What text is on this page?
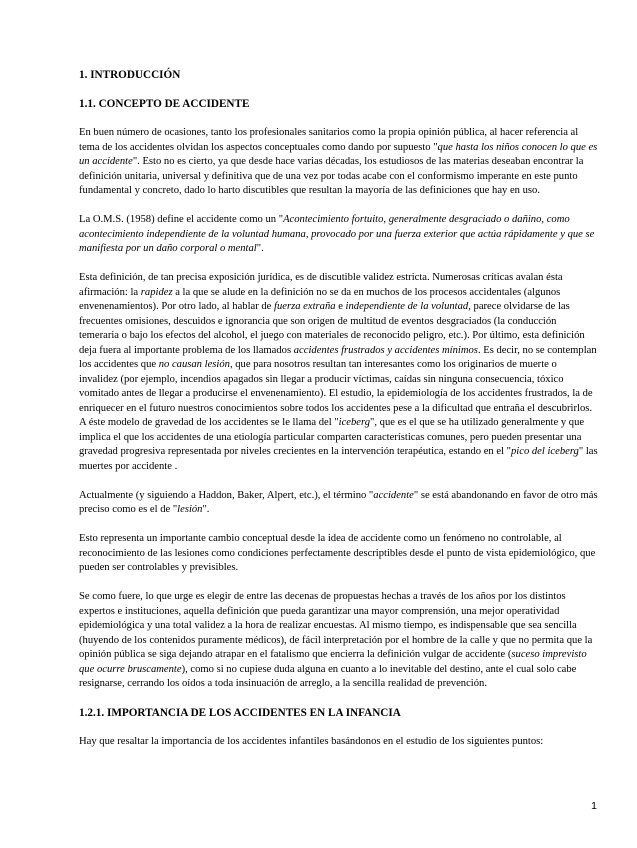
1. INTRODUCCIÓN
1.1. CONCEPTO DE ACCIDENTE

En buen número de ocasiones, tanto los profesionales sanitarios como la propia opinión pública, al hacer referencia al tema de los accidentes olvidan los aspectos conceptuales como dando por supuesto "que hasta los niños conocen lo que es un accidente". Esto no es cierto, ya que desde hace varias décadas, los estudiosos de las materias deseaban encontrar la definición unitaria, universal y definitiva que de una vez por todas acabe con el conformismo imperante en este punto fundamental y concreto, dado lo harto discutibles que resultan la mayoría de las definiciones que hay en uso.

La O.M.S. (1958) define el accidente como un "Acontecimiento fortuito, generalmente desgraciado o dañino, como acontecimiento independiente de la voluntad humana, provocado por una fuerza exterior que actúa rápidamente y que se manifiesta por un daño corporal o mental".

Esta definición, de tan precisa exposición jurídica, es de discutible validez estricta. Numerosas críticas avalan ésta afirmación: la rapidez a la que se alude en la definición no se da en muchos de los procesos accidentales (algunos envenenamientos). Por otro lado, al hablar de fuerza extraña e independiente de la voluntad, parece olvidarse de las frecuentes omisiones, descuidos e ignorancia que son origen de multitud de eventos desgraciados (la conducción temeraria o bajo los efectos del alcohol, el juego con materiales de reconocido peligro, etc.). Por último, esta definición deja fuera al importante problema de los llamados accidentes frustrados y accidentes mínimos. Es decir, no se contemplan los accidentes que no causan lesión, que para nosotros resultan tan interesantes como los originarios de muerte o invalidez (por ejemplo, incendios apagados sin llegar a producir víctimas, caídas sin ninguna consecuencia, tóxico vomitado antes de llegar a producirse el envenenamiento). El estudio, la epidemiología de los accidentes frustrados, la de enriquecer en el futuro nuestros conocimientos sobre todos los accidentes pese a la dificultad que entraña el descubrirlos. A éste modelo de gravedad de los accidentes se le llama del "iceberg", que es el que se ha utilizado generalmente y que implica el que los accidentes de una etiología particular comparten características comunes, pero pueden presentar una gravedad progresiva representada por niveles crecientes en la intervención terapéutica, estando en el "pico del iceberg" las muertes por accidente .

Actualmente (y siguiendo a Haddon, Baker, Alpert, etc.), el término "accidente" se está abandonando en favor de otro más preciso como es el de "lesión".

Esto representa un importante cambio conceptual desde la idea de accidente como un fenómeno no controlable, al reconocimiento de las lesiones como condiciones perfectamente descriptibles desde el punto de vista epidemiológico, que pueden ser controlables y previsibles.

Se como fuere, lo que urge es elegir de entre las decenas de propuestas hechas a través de los años por los distintos expertos e instituciones, aquella definición que pueda garantizar una mayor comprensión, una mejor operatividad epidemiológica y una total validez a la hora de realizar encuestas. Al mismo tiempo, es indispensable que sea sencilla (huyendo de los contenidos puramente médicos), de fácil interpretación por el hombre de la calle y que no permita que la opinión pública se siga dejando atrapar en el fatalismo que encierra la definición vulgar de accidente (suceso imprevisto que ocurre bruscamente), como si no cupiese duda alguna en cuanto a lo inevitable del destino, ante el cual solo cabe resignarse, cerrando los oídos a toda insinuación de arreglo, a la sencilla realidad de prevención.

1.2.1. IMPORTANCIA DE LOS ACCIDENTES EN LA INFANCIA

Hay que resaltar la importancia de los accidentes infantiles basándonos en el estudio de los siguientes puntos:

1
